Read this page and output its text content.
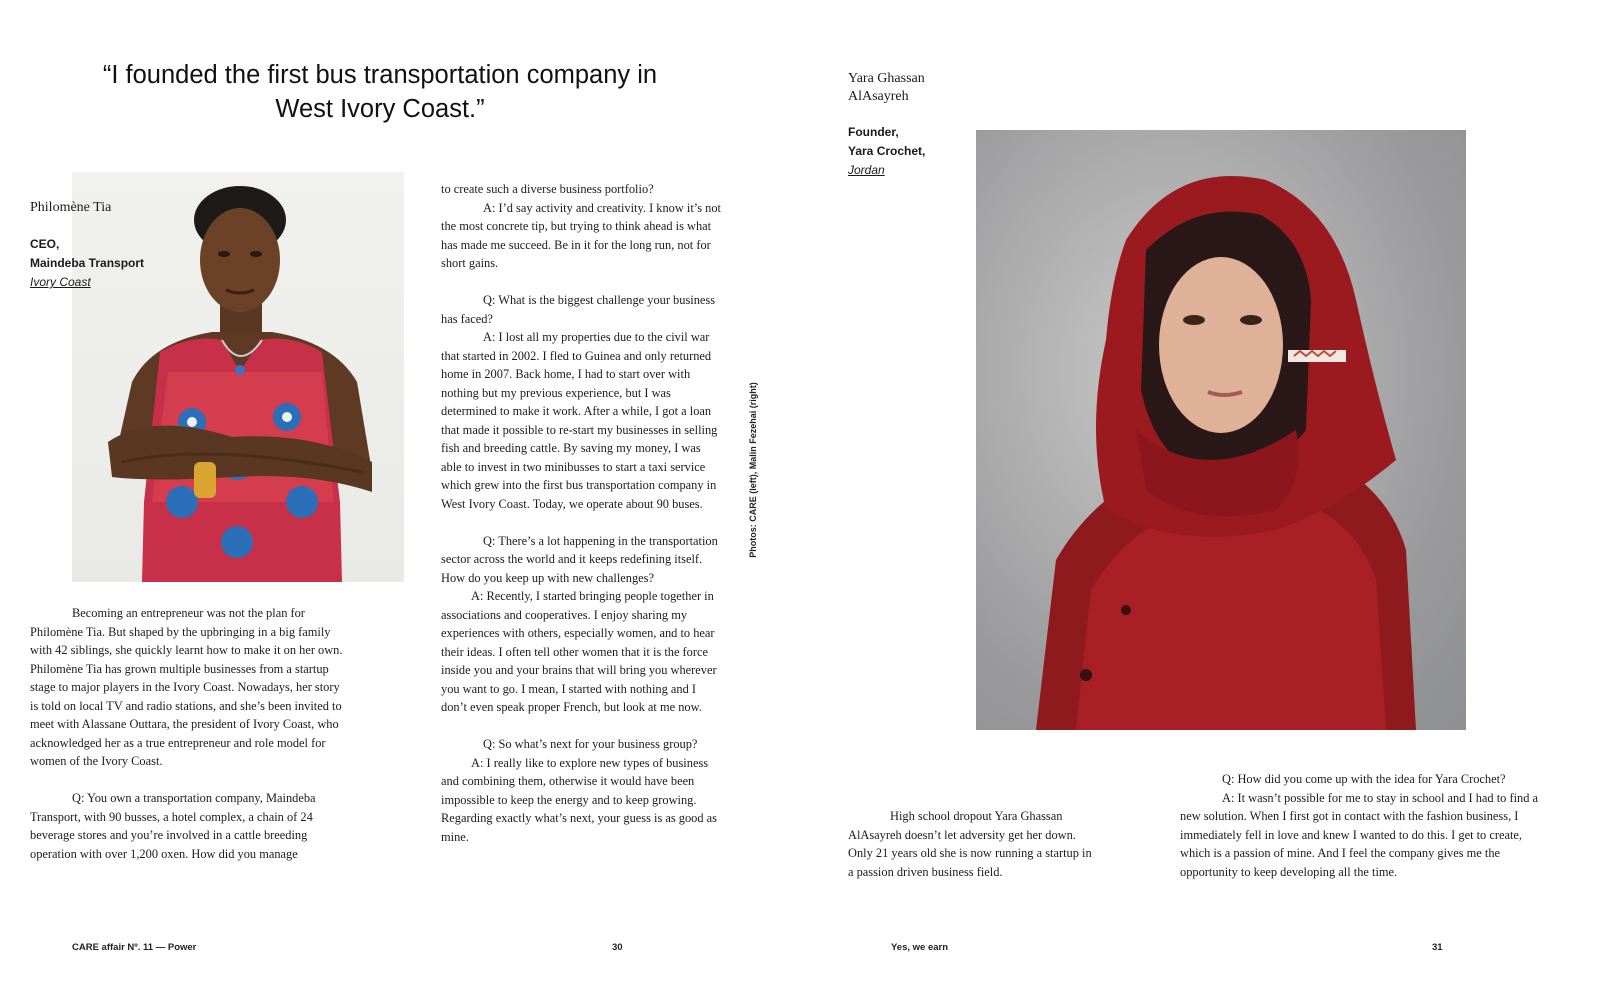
“I founded the first bus transportation company in West Ivory Coast.”
Philomène Tia
CEO,
Maindeba Transport
Ivory Coast

Becoming an entrepreneur was not the plan for Philomène Tia. But shaped by the upbringing in a big family with 42 siblings, she quickly learnt how to make it on her own. Philomène Tia has grown multiple businesses from a startup stage to major players in the Ivory Coast. Nowadays, her story is told on local TV and radio stations, and she’s been invited to meet with Alassane Outtara, the president of Ivory Coast, who acknowledged her as a true entrepreneur and role model for women of the Ivory Coast.

Q: You own a transportation company, Maindeba Transport, with 90 busses, a hotel complex, a chain of 24 beverage stores and you’re involved in a cattle breeding operation with over 1,200 oxen. How did you manage

to create such a diverse business portfolio?

A: I’d say activity and creativity. I know it’s not the most concrete tip, but trying to think ahead is what has made me succeed. Be in it for the long run, not for short gains.

Q: What is the biggest challenge your business has faced?

A: I lost all my properties due to the civil war that started in 2002. I fled to Guinea and only returned home in 2007. Back home, I had to start over with nothing but my previous experience, but I was determined to make it work. After a while, I got a loan that made it possible to re-start my businesses in selling fish and breeding cattle. By saving my money, I was able to invest in two minibusses to start a taxi service which grew into the first bus transportation company in West Ivory Coast. Today, we operate about 90 buses.

Q: There’s a lot happening in the transportation sector across the world and it keeps redefining itself. How do you keep up with new challenges?

A: Recently, I started bringing people together in associations and cooperatives. I enjoy sharing my experiences with others, especially women, and to hear their ideas. I often tell other women that it is the force inside you and your brains that will bring you wherever you want to go. I mean, I started with nothing and I don’t even speak proper French, but look at me now.

Q: So what’s next for your business group?

A: I really like to explore new types of business and combining them, otherwise it would have been impossible to keep the energy and to keep growing. Regarding exactly what’s next, your guess is as good as mine.

Photos: CARE (left), Malin Fezehai (right)
CARE affair Nº. 11 — Power	30
Yara Ghassan
AlAsayreh
Founder,
Yara Crochet,
Jordan

High school dropout Yara Ghassan AlAsayreh doesn’t let adversity get her down. Only 21 years old she is now running a startup in a passion driven business field.

Q: How did you come up with the idea for Yara Crochet?

A: It wasn’t possible for me to stay in school and I had to find a new solution. When I first got in contact with the fashion business, I immediately fell in love and knew I wanted to do this. I get to create, which is a passion of mine. And I feel the company gives me the opportunity to keep developing all the time.

Yes, we earn	31
